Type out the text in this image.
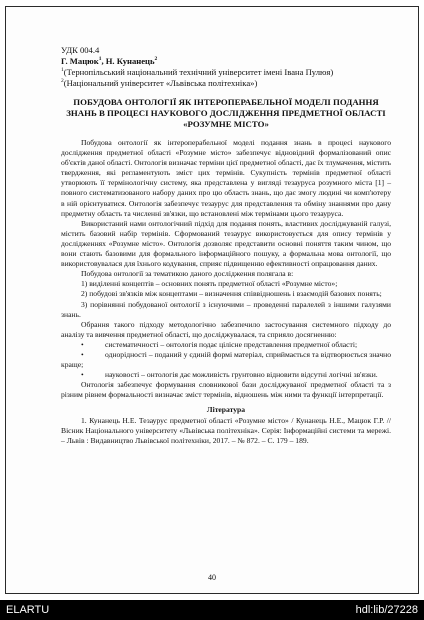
УДК 004.4
Г. Мацюк$^1$, Н. Кунанець$^2$
$^1$(Тернопільський національний технічний університет імені Івана Пулюя)
$^2$(Національний університет «Львівська політехніка»)
ПОБУДОВА ОНТОЛОГІЇ ЯК ІНТЕРОПЕРАБЕЛЬНОЇ МОДЕЛІ ПОДАННЯ ЗНАНЬ В ПРОЦЕСІ НАУКОВОГО ДОСЛІДЖЕННЯ ПРЕДМЕТНОЇ ОБЛАСТІ «РОЗУМНЕ МІСТО»

Побудова онтології як інтероперабельної моделі подання знань в процесі наукового дослідження предметної області «Розумне місто» забезпечує відновідний формалізований опис об'єктів даної області. Онтологія визначає терміни цієї предметної області, дає їх тлумачення, містить твердження, які регламентують зміст цих термінів. Сукупність термінів предметної області утворюють її термінологічну систему, яка представлена у вигляді тезауруса розумного міста [1] – повного систематизованого набору даних про цю область знань, що дає змогу людині чи комп'ютеру в ній орієнтуватися. Онтологія забезпечує тезаурус для представлення та обміну знаннями про дану предметну область та численні зв'язки, що встановлені між термінами цього тезауруса.

Використаний нами онтологічний підхід для подання понять, властивих досліджуваній галузі, містить базовий набір термінів. Сформований тезаурус використовується для опису термінів у дослідженнях «Розумне місто». Онтологія дозволяє представити основні поняття таким чином, що вони стають базовими для формального інформаційного пошуку, а формальна мова онтології, що використовувалася для їхнього кодування, сприяє підвищенню ефективності опрацювання даних.

Побудова онтології за тематикою даного дослідження полягала в:

1) виділенні концептів – основних понять предметної області «Розумне місто»;

2) побудові зв'язків між концептами – визначення співвідношень і взаємодій базових понять;

3) порівнянні побудованої онтології з існуючими – проведенні паралелей з іншими галузями знань.

Обрання такого підходу методологічно забезпечило застосування системного підходу до аналізу та вивчення предметної області, що досліджувалася, та сприяло досягненню:

•	систематичності – онтологія подає цілісне представлення предметної області;

•	однорідності – поданий у єдиній формі матеріал, сприймається та відтворюється значно краще;

•	науковості – онтологія дає можливість грунтовно відновити відсутні логічні зв'язки.

Онтологія забезпечує формування словникової бази досліджуваної предметної області та з різним рівнем формальності визначає зміст термінів, відношень між ними та функції інтерпретації.

Література

1. Кунанець Н.Е. Тезаурус предметної області «Розумне місто» / Кунанець Н.Е., Мацюк Г.Р. // Вісник Національного університету «Львівська політехніка». Серія: Інформаційні системи та мережі. – Львів : Видавництво Львівської політехніки, 2017. – № 872. – С. 179 – 189.

40
ELARTU	hdl:lib/27228
